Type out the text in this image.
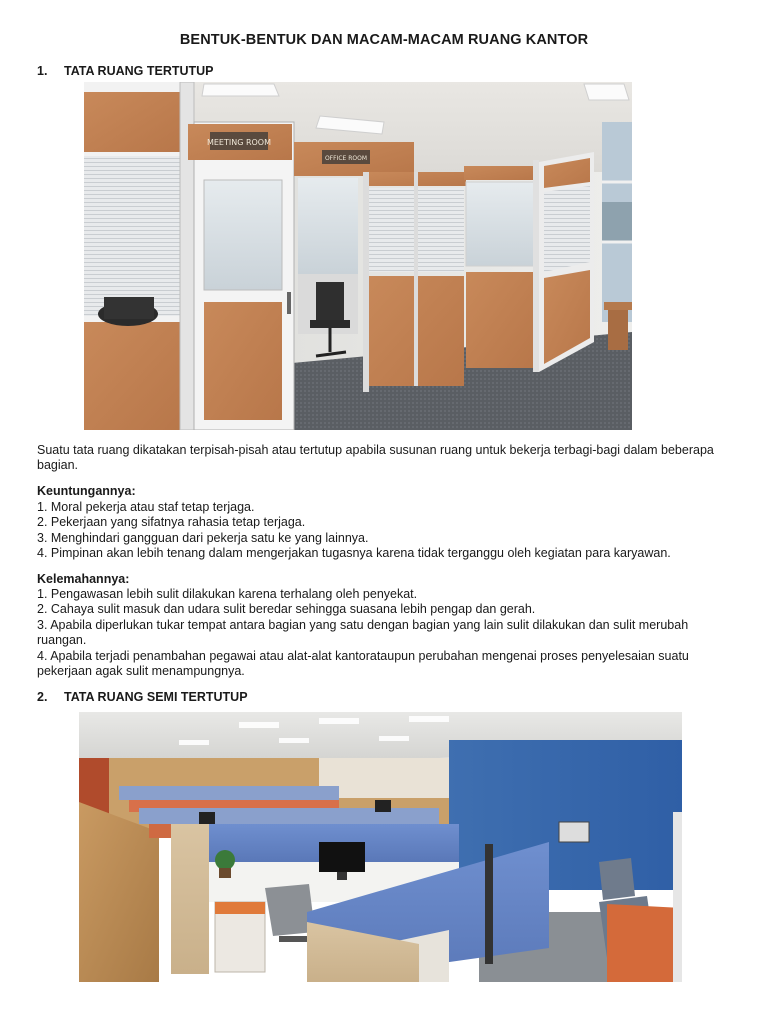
BENTUK-BENTUK DAN MACAM-MACAM RUANG KANTOR
1. TATA RUANG TERTUTUP
MEETING ROOM
OFFICE ROOM
Suatu tata ruang dikatakan terpisah-pisah atau tertutup apabila susunan ruang untuk bekerja terbagi-bagi dalam beberapa bagian.
Keuntungannya:
1. Moral pekerja atau staf tetap terjaga.
2. Pekerjaan yang sifatnya rahasia tetap terjaga.
3. Menghindari gangguan dari pekerja satu ke yang lainnya.
4. Pimpinan akan lebih tenang dalam mengerjakan tugasnya karena tidak terganggu oleh kegiatan para karyawan.
Kelemahannya:
1. Pengawasan lebih sulit dilakukan karena terhalang oleh penyekat.
2. Cahaya sulit masuk dan udara sulit beredar sehingga suasana lebih pengap dan gerah.
3. Apabila diperlukan tukar tempat antara bagian yang satu dengan bagian yang lain sulit dilakukan dan sulit merubah ruangan.
4. Apabila terjadi penambahan pegawai atau alat-alat kantorataupun perubahan mengenai proses penyelesaian suatu pekerjaan agak sulit menampungnya.
2. TATA RUANG SEMI TERTUTUP
